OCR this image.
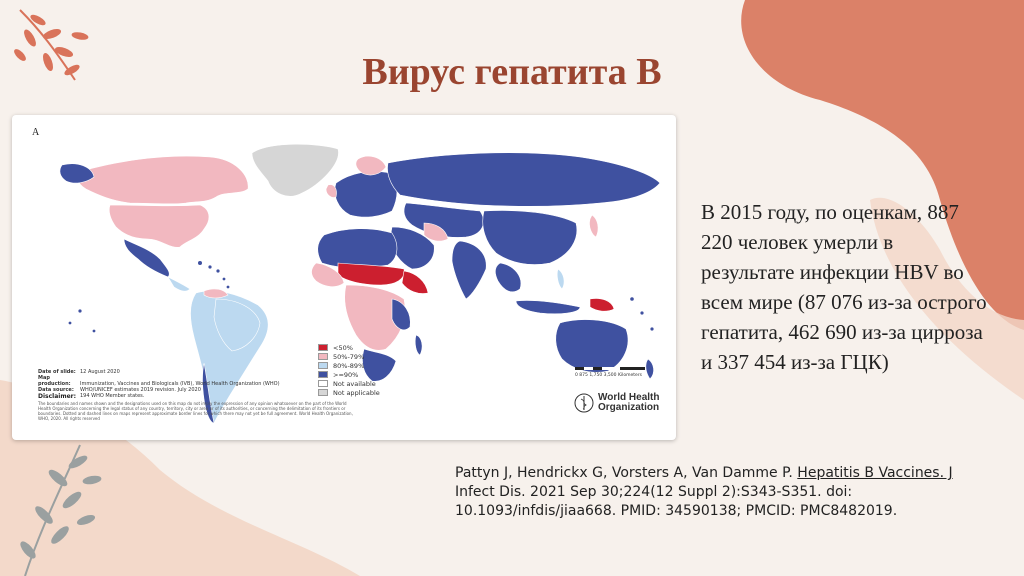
Вирус гепатита В
A
<50%
50%-79%
80%-89%
>=90%
Not available
Not applicable
Date of slide: 12 August 2020
Map production: Immunization, Vaccines and Biologicals (IVB), World Health Organization (WHO)
Data source: WHO/UNICEF estimates 2019 revision. July 2020
194 WHO Member states.
Disclaimer:
The boundaries and names shown and the designations used on this map do not imply the expression of any opinion whatsoever on the part of the World Health Organization concerning the legal status of any country, territory, city or area or of its authorities, or concerning the delimitation of its frontiers or boundaries. Dotted and dashed lines on maps represent approximate border lines for which there may not yet be full agreement. World Health Organization, WHO, 2020. All rights reserved
0 875 1,750 3,500 Kilometers
World Health
Organization

В 2015 году, по оценкам, 887 220 человек умерли в результате инфекции HBV во всем мире (87 076 из-за острого гепатита, 462 690 из-за цирроза и 337 454 из-за ГЦК)

Pattyn J, Hendrickx G, Vorsters A, Van Damme P. Hepatitis B Vaccines. J Infect Dis. 2021 Sep 30;224(12 Suppl 2):S343-S351. doi: 10.1093/infdis/jiaa668. PMID: 34590138; PMCID: PMC8482019.
